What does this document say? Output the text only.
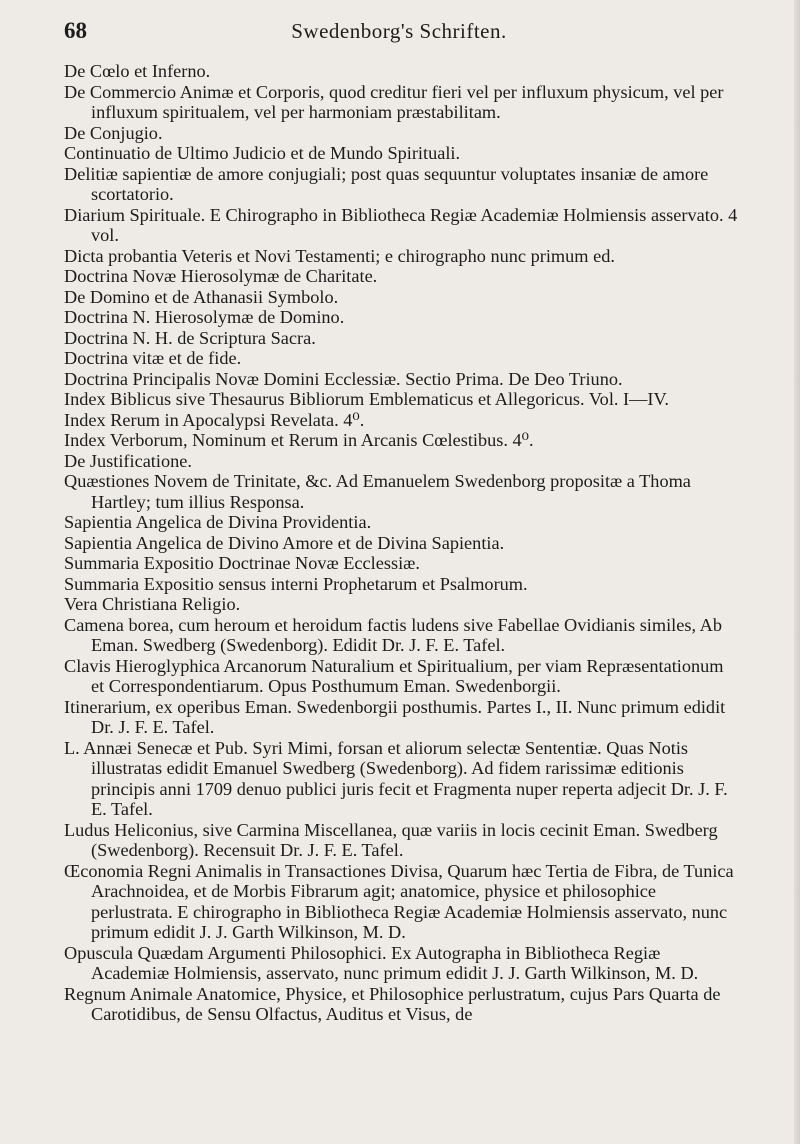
68	Swedenborg's Schriften.
De Cœlo et Inferno.
De Commercio Animæ et Corporis, quod creditur fieri vel per influxum physicum, vel per influxum spiritualem, vel per harmoniam præstabilitam.
De Conjugio.
Continuatio de Ultimo Judicio et de Mundo Spirituali.
Delitiæ sapientiæ de amore conjugiali; post quas sequuntur voluptates insaniæ de amore scortatorio.
Diarium Spirituale. E Chirographo in Bibliotheca Regiæ Academiæ Holmiensis asservato. 4 vol.
Dicta probantia Veteris et Novi Testamenti; e chirographo nunc primum ed.
Doctrina Novæ Hierosolymæ de Charitate.
De Domino et de Athanasii Symbolo.
Doctrina N. Hierosolymæ de Domino.
Doctrina N. H. de Scriptura Sacra.
Doctrina vitæ et de fide.
Doctrina Principalis Novæ Domini Ecclessiæ. Sectio Prima. De Deo Triuno.
Index Biblicus sive Thesaurus Bibliorum Emblematicus et Allegoricus. Vol. I—IV.
Index Rerum in Apocalypsi Revelata. 4⁰.
Index Verborum, Nominum et Rerum in Arcanis Cœlestibus. 4⁰.
De Justificatione.
Quæstiones Novem de Trinitate, &c. Ad Emanuelem Swedenborg propositæ a Thoma Hartley; tum illius Responsa.
Sapientia Angelica de Divina Providentia.
Sapientia Angelica de Divino Amore et de Divina Sapientia.
Summaria Expositio Doctrinae Novæ Ecclessiæ.
Summaria Expositio sensus interni Prophetarum et Psalmorum.
Vera Christiana Religio.
Camena borea, cum heroum et heroidum factis ludens sive Fabellae Ovidianis similes, Ab Eman. Swedberg (Swedenborg). Edidit Dr. J. F. E. Tafel.
Clavis Hieroglyphica Arcanorum Naturalium et Spiritualium, per viam Repræsentationum et Correspondentiarum. Opus Posthumum Eman. Swedenborgii.
Itinerarium, ex operibus Eman. Swedenborgii posthumis. Partes I., II. Nunc primum edidit Dr. J. F. E. Tafel.
L. Annæi Senecæ et Pub. Syri Mimi, forsan et aliorum selectæ Sententiæ. Quas Notis illustratas edidit Emanuel Swedberg (Swedenborg). Ad fidem rarissimæ editionis principis anni 1709 denuo publici juris fecit et Fragmenta nuper reperta adjecit Dr. J. F. E. Tafel.
Ludus Heliconius, sive Carmina Miscellanea, quæ variis in locis cecinit Eman. Swedberg (Swedenborg). Recensuit Dr. J. F. E. Tafel.
Œconomia Regni Animalis in Transactiones Divisa, Quarum hæc Tertia de Fibra, de Tunica Arachnoidea, et de Morbis Fibrarum agit; anatomice, physice et philosophice perlustrata. E chirographo in Bibliotheca Regiæ Academiæ Holmiensis asservato, nunc primum edidit J. J. Garth Wilkinson, M. D.
Opuscula Quædam Argumenti Philosophici. Ex Autographa in Bibliotheca Regiæ Academiæ Holmiensis, asservato, nunc primum edidit J. J. Garth Wilkinson, M. D.
Regnum Animale Anatomice, Physice, et Philosophice perlustratum, cujus Pars Quarta de Carotidibus, de Sensu Olfactus, Auditus et Visus, de
